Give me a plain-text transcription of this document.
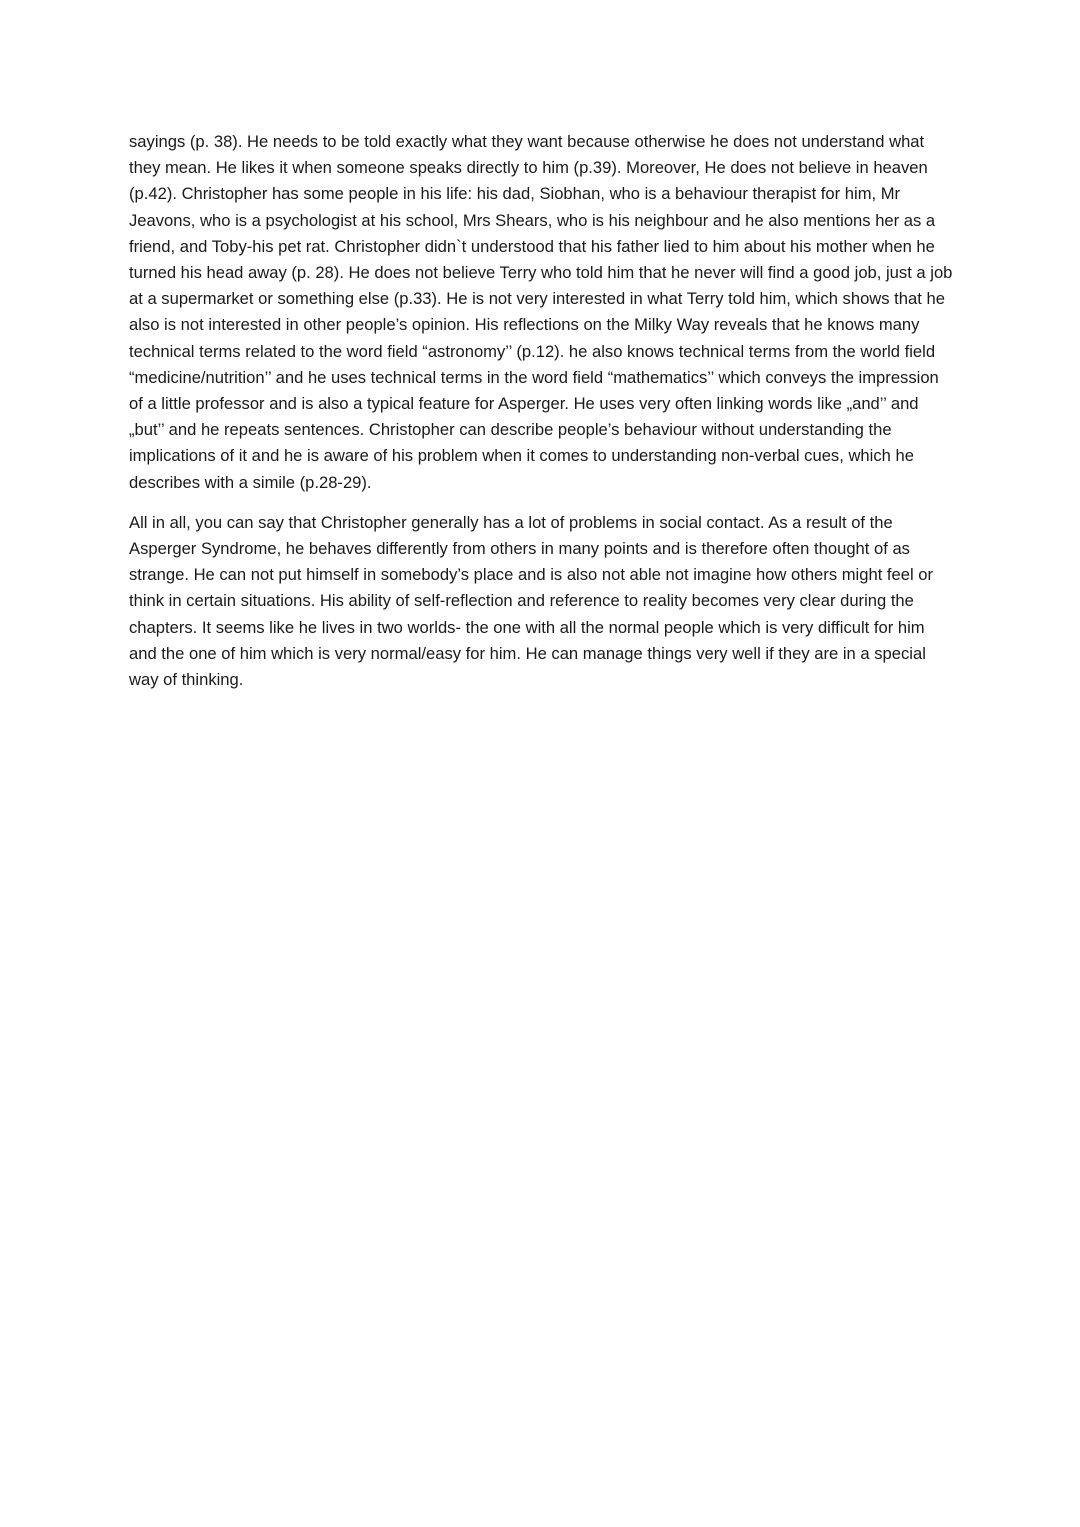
sayings (p. 38). He needs to be told exactly what they want because otherwise he does not understand what they mean. He likes it when someone speaks directly to him (p.39). Moreover, He does not believe in heaven (p.42). Christopher has some people in his life: his dad, Siobhan, who is a behaviour therapist for him, Mr Jeavons, who is a psychologist at his school, Mrs Shears, who is his neighbour and he also mentions her as a friend, and Toby-his pet rat. Christopher didn`t understood that his father lied to him about his mother when he turned his head away (p. 28). He does not believe Terry who told him that he never will find a good job, just a job at a supermarket or something else (p.33). He is not very interested in what Terry told him, which shows that he also is not interested in other people’s opinion. His reflections on the Milky Way reveals that he knows many technical terms related to the word field “astronomy’’ (p.12). he also knows technical terms from the world field “medicine/nutrition’’ and he uses technical terms in the word field “mathematics’’ which conveys the impression of a little professor and is also a typical feature for Asperger. He uses very often linking words like „and’’ and „but’’ and he repeats sentences. Christopher can describe people’s behaviour without understanding the implications of it and he is aware of his problem when it comes to understanding non-verbal cues, which he describes with a simile (p.28-29).

All in all, you can say that Christopher generally has a lot of problems in social contact. As a result of the Asperger Syndrome, he behaves differently from others in many points and is therefore often thought of as strange. He can not put himself in somebody’s place and is also not able not imagine how others might feel or think in certain situations. His ability of self-reflection and reference to reality becomes very clear during the chapters. It seems like he lives in two worlds- the one with all the normal people which is very difficult for him and the one of him which is very normal/easy for him. He can manage things very well if they are in a special way of thinking.
